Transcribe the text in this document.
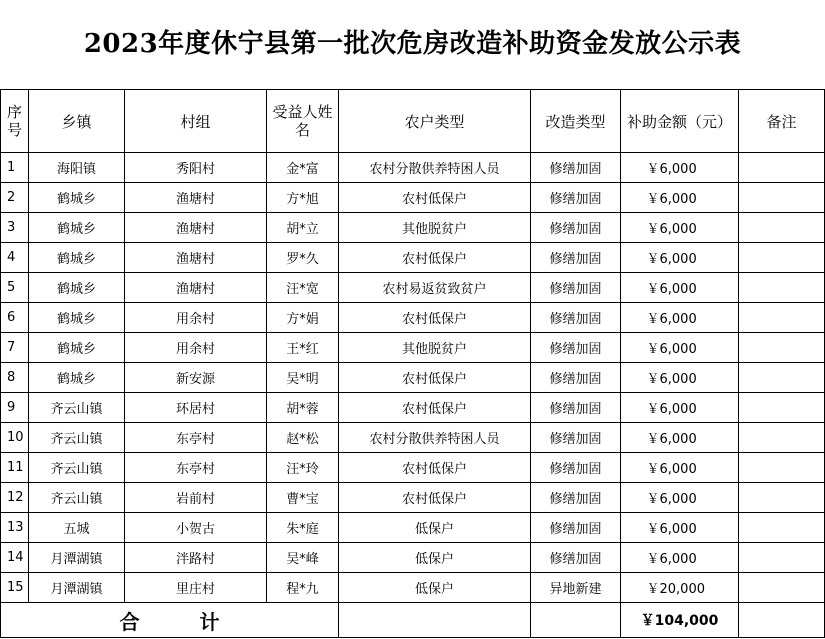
2023年度休宁县第一批次危房改造补助资金发放公示表
序号	乡镇	村组	受益人姓名	农户类型	改造类型	补助金额（元）	备注
1	海阳镇	秀阳村	金*富	农村分散供养特困人员	修缮加固	￥6,000	
2	鹤城乡	渔塘村	方*旭	农村低保户	修缮加固	￥6,000	
3	鹤城乡	渔塘村	胡*立	其他脱贫户	修缮加固	￥6,000	
4	鹤城乡	渔塘村	罗*久	农村低保户	修缮加固	￥6,000	
5	鹤城乡	渔塘村	汪*宽	农村易返贫致贫户	修缮加固	￥6,000	
6	鹤城乡	用余村	方*娟	农村低保户	修缮加固	￥6,000	
7	鹤城乡	用余村	王*红	其他脱贫户	修缮加固	￥6,000	
8	鹤城乡	新安源	吴*明	农村低保户	修缮加固	￥6,000	
9	齐云山镇	环居村	胡*蓉	农村低保户	修缮加固	￥6,000	
10	齐云山镇	东亭村	赵*松	农村分散供养特困人员	修缮加固	￥6,000	
11	齐云山镇	东亭村	汪*玲	农村低保户	修缮加固	￥6,000	
12	齐云山镇	岩前村	曹*宝	农村低保户	修缮加固	￥6,000	
13	五城	小贺古	朱*庭	低保户	修缮加固	￥6,000	
14	月潭湖镇	泮路村	吴*峰	低保户	修缮加固	￥6,000	
15	月潭湖镇	里庄村	程*九	低保户	异地新建	￥20,000	
合 计						￥104,000	
